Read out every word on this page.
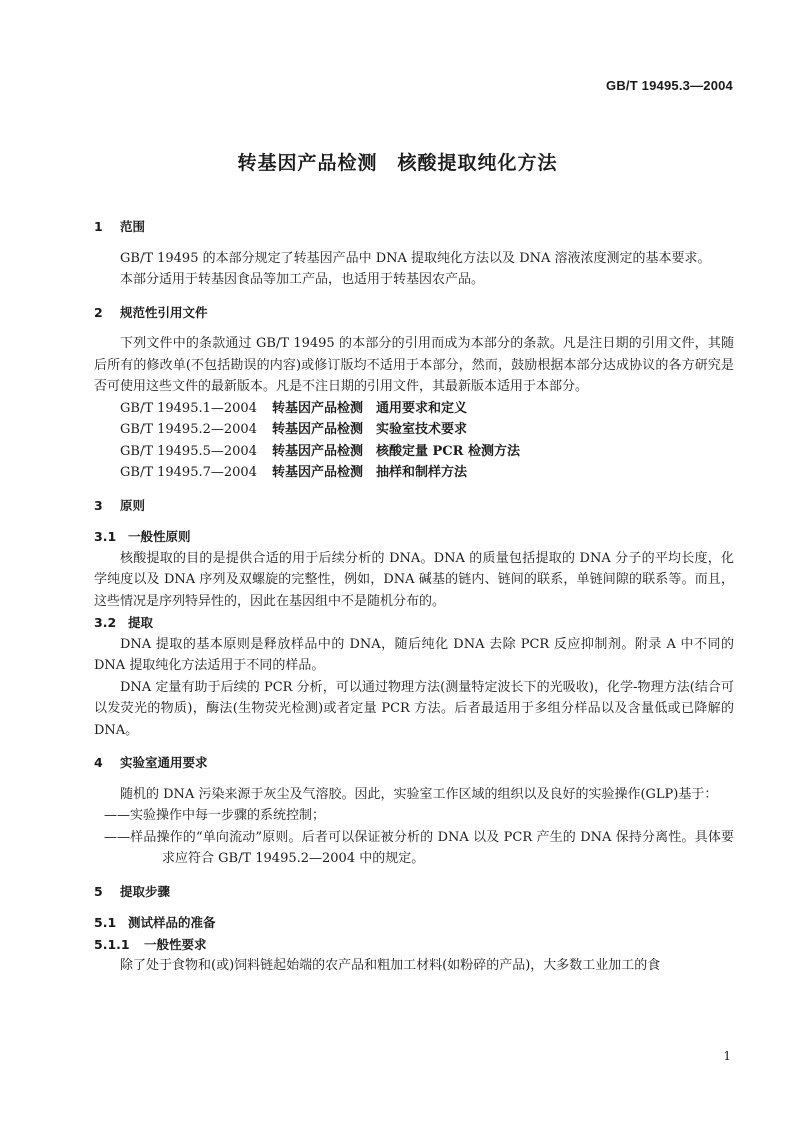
GB/T 19495.3—2004
转基因产品检测　核酸提取纯化方法
1 范围

GB/T 19495 的本部分规定了转基因产品中 DNA 提取纯化方法以及 DNA 溶液浓度测定的基本要求。

本部分适用于转基因食品等加工产品，也适用于转基因农产品。

2 规范性引用文件

下列文件中的条款通过 GB/T 19495 的本部分的引用而成为本部分的条款。凡是注日期的引用文件，其随后所有的修改单(不包括勘误的内容)或修订版均不适用于本部分，然而，鼓励根据本部分达成协议的各方研究是否可使用这些文件的最新版本。凡是不注日期的引用文件，其最新版本适用于本部分。

GB/T 19495.1—2004 转基因产品检测 通用要求和定义
GB/T 19495.2—2004 转基因产品检测 实验室技术要求
GB/T 19495.5—2004 转基因产品检测 核酸定量 PCR 检测方法
GB/T 19495.7—2004 转基因产品检测 抽样和制样方法
3 原则
3.1 一般性原则

核酸提取的目的是提供合适的用于后续分析的 DNA。DNA 的质量包括提取的 DNA 分子的平均长度，化学纯度以及 DNA 序列及双螺旋的完整性，例如，DNA 碱基的链内、链间的联系，单链间隙的联系等。而且，这些情况是序列特异性的，因此在基因组中不是随机分布的。

3.2 提取

DNA 提取的基本原则是释放样品中的 DNA，随后纯化 DNA 去除 PCR 反应抑制剂。附录 A 中不同的 DNA 提取纯化方法适用于不同的样品。

DNA 定量有助于后续的 PCR 分析，可以通过物理方法(测量特定波长下的光吸收)，化学-物理方法(结合可以发荧光的物质)，酶法(生物荧光检测)或者定量 PCR 方法。后者最适用于多组分样品以及含量低或已降解的 DNA。

4 实验室通用要求

随机的 DNA 污染来源于灰尘及气溶胶。因此，实验室工作区域的组织以及良好的实验操作(GLP)基于：

——实验操作中每一步骤的系统控制；

——样品操作的“单向流动”原则。后者可以保证被分析的 DNA 以及 PCR 产生的 DNA 保持分离性。具体要求应符合 GB/T 19495.2—2004 中的规定。

5 提取步骤
5.1 测试样品的准备
5.1.1 一般性要求

除了处于食物和(或)饲料链起始端的农产品和粗加工材料(如粉碎的产品)，大多数工业加工的食

1
